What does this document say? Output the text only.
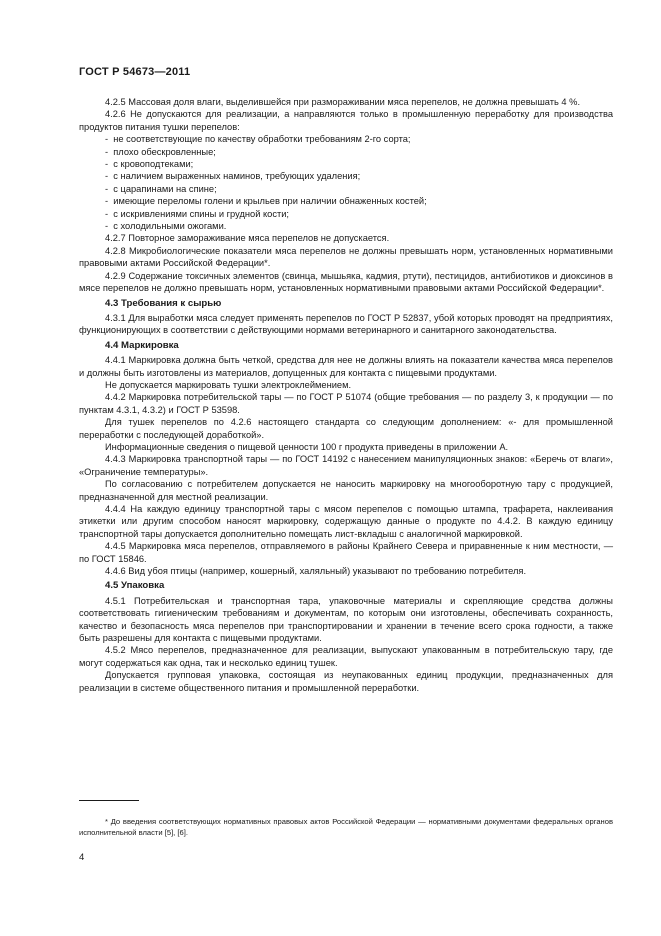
ГОСТ Р 54673—2011

4.2.5 Массовая доля влаги, выделившейся при размораживании мяса перепелов, не должна превышать 4 %.

4.2.6 Не допускаются для реализации, а направляются только в промышленную переработку для производства продуктов питания тушки перепелов:

-  не соответствующие по качеству обработки требованиям 2-го сорта;

-  плохо обескровленные;

-  с кровоподтеками;

-  с наличием выраженных наминов, требующих удаления;

-  с царапинами на спине;

-  имеющие переломы голени и крыльев при наличии обнаженных костей;

-  с искривлениями спины и грудной кости;

-  с холодильными ожогами.

4.2.7 Повторное замораживание мяса перепелов не допускается.

4.2.8 Микробиологические показатели мяса перепелов не должны превышать норм, установленных нормативными правовыми актами Российской Федерации*.

4.2.9 Содержание токсичных элементов (свинца, мышьяка, кадмия, ртути), пестицидов, антибиотиков и диоксинов в мясе перепелов не должно превышать норм, установленных нормативными правовыми актами Российской Федерации*.

4.3 Требования к сырью

4.3.1 Для выработки мяса следует применять перепелов по ГОСТ Р 52837, убой которых проводят на предприятиях, функционирующих в соответствии с действующими нормами ветеринарного и санитарного законодательства.

4.4 Маркировка

4.4.1 Маркировка должна быть четкой, средства для нее не должны влиять на показатели качества мяса перепелов и должны быть изготовлены из материалов, допущенных для контакта с пищевыми продуктами.

Не допускается маркировать тушки электроклеймением.

4.4.2 Маркировка потребительской тары — по ГОСТ Р 51074 (общие требования — по разделу 3, к продукции — по пунктам 4.3.1, 4.3.2) и ГОСТ Р 53598.

Для тушек перепелов по 4.2.6 настоящего стандарта со следующим дополнением: «- для промышленной переработки с последующей доработкой».

Информационные сведения о пищевой ценности 100 г продукта приведены в приложении А.

4.4.3 Маркировка транспортной тары — по ГОСТ 14192 с нанесением манипуляционных знаков: «Беречь от влаги», «Ограничение температуры».

По согласованию с потребителем допускается не наносить маркировку на многооборотную тару с продукцией, предназначенной для местной реализации.

4.4.4 На каждую единицу транспортной тары с мясом перепелов с помощью штампа, трафарета, наклеивания этикетки или другим способом наносят маркировку, содержащую данные о продукте по 4.4.2. В каждую единицу транспортной тары допускается дополнительно помещать лист-вкладыш с аналогичной маркировкой.

4.4.5 Маркировка мяса перепелов, отправляемого в районы Крайнего Севера и приравненные к ним местности, — по ГОСТ 15846.

4.4.6 Вид убоя птицы (например, кошерный, халяльный) указывают по требованию потребителя.

4.5 Упаковка

4.5.1 Потребительская и транспортная тара, упаковочные материалы и скрепляющие средства должны соответствовать гигиеническим требованиям и документам, по которым они изготовлены, обеспечивать сохранность, качество и безопасность мяса перепелов при транспортировании и хранении в течение всего срока годности, а также быть разрешены для контакта с пищевыми продуктами.

4.5.2 Мясо перепелов, предназначенное для реализации, выпускают упакованным в потребительскую тару, где могут содержаться как одна, так и несколько единиц тушек.

Допускается групповая упаковка, состоящая из неупакованных единиц продукции, предназначенных для реализации в системе общественного питания и промышленной переработки.

* До введения соответствующих нормативных правовых актов Российской Федерации — нормативными документами федеральных органов исполнительной власти [5], [6].
4
